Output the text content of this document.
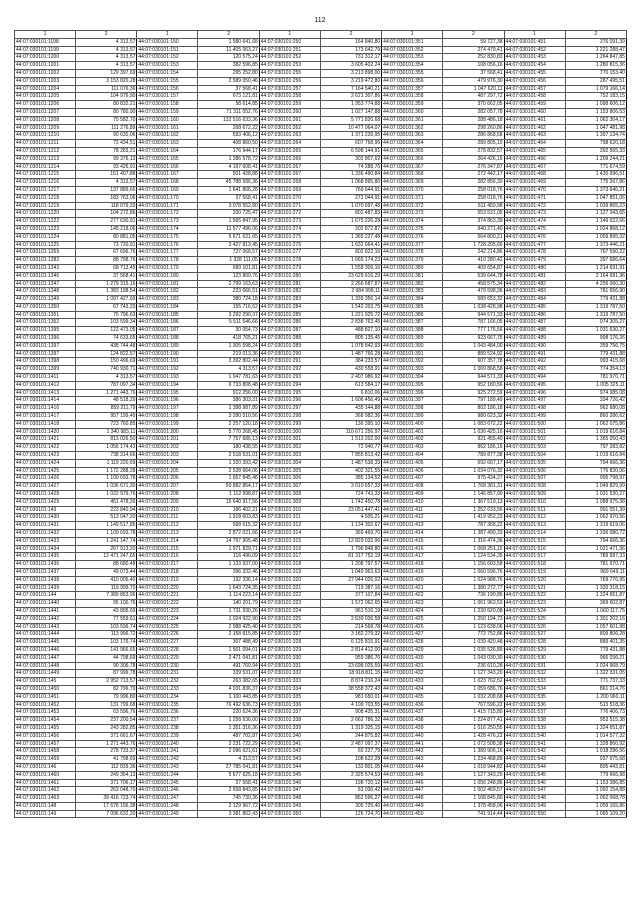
112
1	2	1	2	1	2	1	2	1	2
44:07:030101:1198	4 313,57	44:07:030101:150	1 580 641,68	44:07:030101:250	164 840,80	44:07:030101:351	59 727,38	44:07:030101:451	376 091,39
44:07:030101:1199	4 313,57	44:07:030101:151	11 405 063,27	44:07:030101:251	173 642,79	44:07:030101:352	274 479,41	44:07:030101:452	1 221 288,47
44:07:030101:1200	4 313,57	44:07:030101:152	120 575,24	44:07:030101:252	731 312,17	44:07:030101:353	252 830,83	44:07:030101:453	1 264 847,85
44:07:030101:1201	4 313,57	44:07:030101:153	382 596,85	44:07:030101:253	3 605 402,24	44:07:030101:354	108 056,16	44:07:030101:454	1 280 815,36
44:07:030101:1202	129 397,69	44:07:030101:154	295 252,80	44:07:030101:255	3 213 898,00	44:07:030101:355	37 568,41	44:07:030101:455	770 153,40
44:07:030101:1203	3 153 820,28	44:07:030101:155	2 589 050,46	44:07:030101:256	3 219 472,80	44:07:030101:356	479 976,30	44:07:030101:456	287 495,51
44:07:030101:1204	111 076,36	44:07:030101:156	37 568,41	44:07:030101:257	7 164 540,21	44:07:030101:357	1 047 620,11	44:07:030101:457	1 079 166,14
44:07:030101:1205	104 976,90	44:07:030101:157	673 121,81	44:07:030101:258	2 621 307,86	44:07:030101:358	487 297,72	44:07:030101:458	752 183,15
44:07:030101:1206	80 832,21	44:07:030101:158	58 614,85	44:07:030101:259	1 953 774,88	44:07:030101:359	370 662,05	44:07:030101:459	1 098 606,12
44:07:030101:1207	80 780,90	44:07:030101:159	71 311 052,76	44:07:030101:260	1 027 147,88	44:07:030101:360	282 057,78	44:07:030101:460	1 153 806,53
44:07:030101:1208	75 582,70	44:07:030101:160	132 516 633,36	44:07:030101:261	5 771 820,68	44:07:030101:361	288 486,18	44:07:030101:461	1 062 304,17
44:07:030101:1209	111 276,89	44:07:030101:161	268 672,22	44:07:030101:262	10 477 064,07	44:07:030101:362	298 260,86	44:07:030101:462	1 047 481,98
44:07:030101:1210	90 630,06	44:07:030101:162	593 406,12	44:07:030101:263	1 371 239,95	44:07:030101:363	286 868,58	44:07:030101:463	1 397 134,74
44:07:030101:1211	72 434,51	44:07:030101:163	408 860,50	44:07:030101:264	607 768,96	44:07:030101:364	289 805,10	44:07:030101:464	798 620,18
44:07:030101:1212	78 283,21	44:07:030101:164	176 944,17	44:07:030101:265	6 598 144,91	44:07:030101:365	278 832,57	44:07:030101:465	392 565,33
44:07:030101:1213	99 376,13	44:07:030101:165	1 286 578,72	44:07:030101:266	302 807,62	44:07:030101:366	264 426,16	44:07:030101:466	1 209 244,21
44:07:030101:1214	93 426,91	44:07:030101:166	4 197 608,41	44:07:030101:267	74 288,76	44:07:030101:367	276 347,87	44:07:030101:467	771 674,59
44:07:030101:1215	151 407,88	44:07:030101:167	501 428,88	44:07:030101:267	1 336 490,84	44:07:030101:368	272 442,17	44:07:030101:468	1 430 996,51
44:07:030101:1216	4 313,57	44:07:030101:168	45 788 586,36	44:07:030101:268	1 068 895,80	44:07:030101:369	282 856,30	44:07:030101:469	775 267,86
44:07:030101:1217	137 889,66	44:07:030101:169	1 641 866,28	44:07:030101:269	769 644,91	44:07:030101:370	258 018,76	44:07:030101:470	1 373 646,21
44:07:030101:1218	183 763,06	44:07:030101:170	37 568,41	44:07:030101:270	272 044,91	44:07:030101:371	258 018,76	44:07:030101:471	1 047 851,06
44:07:030101:1219	118 079,33	44:07:030101:171	3 078 552,80	44:07:030101:271	1 070 697,48	44:07:030101:372	611 450,98	44:07:030101:472	1 039 865,23
44:07:030101:1220	104 272,86	44:07:030101:172	330 725,47	44:07:030101:272	802 487,83	44:07:030101:373	553 531,05	44:07:030101:473	1 127 343,65
44:07:030101:1222	277 630,91	44:07:030101:173	1 565 847,95	44:07:030101:273	1 675 226,28	44:07:030101:374	374 863,39	44:07:030101:474	1 149 022,66
44:07:030101:1223	145 218,06	44:07:030101:174	11 577 496,06	44:07:030101:274	202 872,87	44:07:030101:375	940 271,40	44:07:030101:475	1 024 868,12
44:07:030101:1224	80 881,05	44:07:030101:175	5 671 621,65	44:07:030101:275	1 365 227,48	44:07:030101:376	564 800,21	44:07:030101:476	1 059 895,32
44:07:030101:1225	73 720,91	44:07:030101:176	3 427 813,45	44:07:030101:276	1 632 664,41	44:07:030101:377	1 728 205,66	44:07:030101:477	1 373 446,21
44:07:030101:1269	67 696,76	44:07:030101:177	727 068,57	44:07:030101:277	802 822,16	44:07:030101:378	242 214,86	44:07:030101:478	767 590,22
44:07:030101:1282	88 798,76	44:07:030101:178	1 328 111,05	44:07:030101:278	1 665 174,23	44:07:030101:379	410 280,42	44:07:030101:479	397 686,64
44:07:030101:1343	68 713,45	44:07:030101:179	689 101,81	44:07:030101:279	1 558 309,16	44:07:030101:380	409 654,87	44:07:030101:480	1 214 691,91
44:07:030101:1346	37 568,41	44:07:030101:180	123 809,76	44:07:030101:280	23 629 616,29	44:07:030101:381	539 644,78	44:07:030101:481	2 164 681,96
44:07:030101:1347	1 279 315,16	44:07:030101:181	2 799 163,63	44:07:030101:281	2 266 687,87	44:07:030101:382	458 575,34	44:07:030101:482	4 256 060,30
44:07:030101:1348	1 383 198,54	44:07:030101:182	223 066,51	44:07:030101:282	2 084 999,11	44:07:030101:383	479 598,36	44:07:030101:483	781 656,90
44:07:030101:1349	1 097 427,69	44:07:030101:183	380 724,18	44:07:030101:283	1 339 356,14	44:07:030101:384	589 653,32	44:07:030101:484	779 431,88
44:07:030101:1350	67 743,33	44:07:030101:184	155 716,52	44:07:030101:284	1 542 203,75	44:07:030101:385	1 038 428,98	44:07:030101:485	1 319 787,50
44:07:030101:1351	75 796,63	44:07:030101:185	3 292 290,37	44:07:030101:285	1 221 925,72	44:07:030101:386	944 571,33	44:07:030101:486	1 319 787,50
44:07:030101:1352	103 599,34	44:07:030101:186	5 511 546,66	44:07:030101:286	2 838 763,45	44:07:030101:387	787 166,05	44:07:030101:487	974 305,27
44:07:030101:1395	122 473,05	44:07:030101:187	30 054,73	44:07:030101:287	488 827,10	44:07:030101:388	777 176,56	44:07:030101:488	1 031 630,27
44:07:030101:1396	74 633,65	44:07:030101:188	418 765,21	44:07:030101:288	805 135,45	44:07:030101:389	923 667,75	44:07:030101:489	998 176,26
44:07:030101:1397	438 744,48	44:07:030101:189	1 305 598,24	44:07:030101:289	1 078 842,93	44:07:030101:390	1 043 484,00	44:07:030101:490	359 756,75
44:07:030101:1397	124 822,57	44:07:030101:190	219 013,36	44:07:030101:290	1 487 766,28	44:07:030101:391	889 524,92	44:07:030101:491	779 431,88
44:07:030101:1398	150 496,69	44:07:030101:191	3 392 802,44	44:07:030101:291	384 233,57	44:07:030101:392	607 357,78	44:07:030101:492	993 415,68
44:07:030101:1399	740 930,71	44:07:030101:192	4 313,57	44:07:030101:292	430 558,91	44:07:030101:393	1 069 868,58	44:07:030101:493	774 354,13
44:07:030101:1411	4 313,57	44:07:030101:193	1 047 781,63	44:07:030101:293	2 407 986,92	44:07:030101:394	944 571,33	44:07:030101:494	781 970,71
44:07:030101:1412	787 097,34	44:07:030101:194	6 733 808,48	44:07:030101:294	613 584,17	44:07:030101:395	952 180,56	44:07:030101:495	1 005 325,11
44:07:030101:1413	1 271 443,76	44:07:030101:195	912 256,00	44:07:030101:295	6 810,06	44:07:030101:396	925 272,59	44:07:030101:496	974 985,08
44:07:030101:1414	48 518,29	44:07:030101:196	386 303,31	44:07:030101:296	1 606 456,49	44:07:030101:397	797 189,49	44:07:030101:497	334 726,42
44:07:030101:1416	859 211,79	44:07:030101:197	1 398 987,89	44:07:030101:297	435 144,88	44:07:030101:398	802 186,18	44:07:030101:498	962 680,08
44:07:030101:1417	957 199,49	44:07:030101:198	3 280 510,56	44:07:030101:298	368 982,36	44:07:030101:399	980 623,32	44:07:030101:499	860 286,62
44:07:030101:1418	723 760,85	44:07:030101:199	2 257 120,18	44:07:030101:299	136 395,10	44:07:030101:400	1 083 672,22	44:07:030101:500	1 062 075,86
44:07:030101:1420	1 340 983,11	44:07:030101:200	5 770 268,45	44:07:030101:300	110 671 256,97	44:07:030101:401	1 036 425,16	44:07:030101:501	1 019 616,84
44:07:030101:1421	813 026,50	44:07:030101:201	7 757 686,13	44:07:030101:301	1 513 202,00	44:07:030101:402	921 455,40	44:07:030101:502	1 365 050,43
44:07:030101:1422	1 056 174,43	44:07:030101:202	180 438,55	44:07:030101:302	72 940,77	44:07:030101:403	862 186,16	44:07:030101:503	797 283,82
44:07:030101:1423	738 314,66	44:07:030101:203	2 518 531,01	44:07:030101:303	7 855 813,42	44:07:030101:404	789 877,38	44:07:030101:504	1 019 616,84
44:07:030101:1424	1 119 220,69	44:07:030101:204	1 320 393,42	44:07:030101:304	1 487 538,33	44:07:030101:405	692 667,17	44:07:030101:505	794 666,36
44:07:030101:1425	1 172 288,28	44:07:030101:205	2 528 664,06	44:07:030101:305	402 321,55	44:07:030101:406	1 034 076,32	44:07:030101:506	776 830,06
44:07:030101:1426	1 109 693,78	44:07:030101:206	1 657 845,48	44:07:030101:306	385 134,52	44:07:030101:407	975 434,27	44:07:030101:507	995 798,97
44:07:030101:1427	1 036 671,30	44:07:030101:207	50 882 864,17	44:07:030101:307	3 010 657,33	44:07:030101:408	1 768 381,31	44:07:030101:508	1 049 829,99
44:07:030101:1428	1 022 979,76	44:07:030101:208	1 112 998,87	44:07:030101:308	724 743,33	44:07:030101:409	1 146 857,90	44:07:030101:509	1 031 530,27
44:07:030101:1429	451 478,26	44:07:030101:209	15 640 917,56	44:07:030101:309	1 742 450,78	44:07:030101:410	1 367 519,13	44:07:030101:510	1 088 975,38
44:07:030101:143	223 840,94	44:07:030101:210	186 402,21	44:07:030101:310	23 051 447,41	44:07:030101:411	1 252 633,56	44:07:030101:511	991 051,39
44:07:030101:1430	513 047,20	44:07:030101:211	1 918 603,83	44:07:030101:311	4 505,21	44:07:030101:412	1 419 952,23	44:07:030101:512	1 062 970,56
44:07:030101:1431	1 149 517,85	44:07:030101:212	568 615,32	44:07:030101:312	1 134 302,67	44:07:030101:413	787 368,22	44:07:030101:513	1 319 619,06
44:07:030101:1432	1 109 693,78	44:07:030101:213	2 872 021,66	44:07:030101:314	369 469,70	44:07:030101:414	1 387 499,33	44:07:030101:514	1 336 080,72
44:07:030101:1433	1 241 147,74	44:07:030101:214	14 797 905,48	44:07:030101:315	12 829 032,96	44:07:030101:415	1 316 474,36	44:07:030101:515	794 666,36
44:07:030101:1434	267 913,20	44:07:030101:215	1 971 829,71	44:07:030101:316	1 796 848,80	44:07:030101:416	1 068 251,15	44:07:030101:516	1 021 471,96
44:07:030101:1435	12 471 247,65	44:07:030101:216	116 496,09	44:07:030101:317	81 317 752,19	44:07:030101:417	1 124 534,35	44:07:030101:517	789 587,33
44:07:030101:1436	88 680,48	44:07:030101:217	1 133 937,00	44:07:030101:318	1 208 797,57	44:07:030101:418	1 156 603,58	44:07:030101:518	781 970,71
44:07:030101:1437	49 073,44	44:07:030101:218	396 332,46	44:07:030101:319	1 049 963,63	44:07:030101:419	1 060 596,76	44:07:030101:519	969 649,11
44:07:030101:1438	410 005,40	44:07:030101:219	192 336,14	44:07:030101:320	27 944 026,02	44:07:030101:420	1 024 988,76	44:07:030101:520	769 776,95
44:07:030101:1439	119 999,70	44:07:030101:220	1 643 724,35	44:07:030101:321	719 387,16	44:07:030101:421	1 380 272,77	44:07:030101:521	1 320 318,15
44:07:030101:144	7 389 863,96	44:07:030101:221	1 114 223,14	44:07:030101:322	377 107,84	44:07:030101:422	736 190,86	44:07:030101:522	1 324 651,87
44:07:030101:1440	95 100,76	44:07:030101:222	140 201,79	44:07:030101:323	1 572 062,65	44:07:030101:423	1 061 963,53	44:07:030101:523	369 602,87
44:07:030101:1441	43 895,69	44:07:030101:223	1 731 930,26	44:07:030101:324	961 516,19	44:07:030101:424	1 230 520,08	44:07:030101:524	1 060 117,75
44:07:030101:1442	77 559,61	44:07:030101:224	1 024 922,90	44:07:030101:325	2 539 036,58	44:07:030101:425	1 250 194,73	44:07:030101:525	1 301 202,16
44:07:030101:1443	103 596,74	44:07:030101:225	2 088 425,40	44:07:030101:326	214 568,78	44:07:030101:426	1 123 638,06	44:07:030101:526	1 057 601,98
44:07:030101:1444	113 996,72	44:07:030101:226	2 158 815,85	44:07:030101:327	3 182 279,32	44:07:030101:427	772 752,86	44:07:030101:527	809 806,28
44:07:030101:1445	103 176,74	44:07:030101:227	307 488,49	44:07:030101:328	6 125 815,91	44:07:030101:428	1 039 420,48	44:07:030101:528	889 401,35
44:07:030101:1446	141 966,65	44:07:030101:228	1 501 094,01	44:07:030101:329	2 814 412,00	44:07:030101:429	1 035 526,89	44:07:030101:529	779 431,88
44:07:030101:1447	44 798,69	44:07:030101:229	2 471 041,81	44:07:030101:330	959 386,70	44:07:030101:430	1 043 030,30	44:07:030101:530	966 036,21
44:07:030101:1448	90 306,78	44:07:030101:230	491 760,94	44:07:030101:331	23 698 025,59	44:07:030101:431	236 610,28	44:07:030101:531	1 024 968,79
44:07:030101:1449	87 999,78	44:07:030101:231	339 531,07	44:07:030101:332	18 918 811,15	44:07:030101:432	1 127 343,20	44:07:030101:532	1 322 331,05
44:07:030101:145	2 952 713,57	44:07:030101:232	263 382,65	44:07:030101:333	8 874 216,24	44:07:030101:433	1 023 762,52	44:07:030101:533	771 737,33
44:07:030101:1450	82 796,79	44:07:030101:233	4 031 836,37	44:07:030101:334	38 558 372,43	44:07:030101:434	1 059 686,76	44:07:030101:534	861 214,76
44:07:030101:1451	79 996,80	44:07:030101:234	1 100 443,85	44:07:030101:335	981 650,01	44:07:030101:435	1 032 208,68	44:07:030101:535	1 200 960,11
44:07:030101:1452	131 799,68	44:07:030101:235	76 492 636,73	44:07:030101:336	4 109 703,55	44:07:030101:436	767 596,22	44:07:030101:536	513 518,36
44:07:030101:1453	63 596,76	44:07:030101:236	220 624,36	44:07:030101:337	908 435,31	44:07:030101:437	1 415 715,80	44:07:030101:537	776 406,73
44:07:030101:1454	237 200,54	44:07:030101:237	1 258 636,00	44:07:030101:338	2 662 786,32	44:07:030101:438	1 224 877,41	44:07:030101:538	953 515,38
44:07:030101:1455	243 282,85	44:07:030101:238	1 351 316,36	44:07:030101:339	1 319 325,15	44:07:030101:439	1 016 250,55	44:07:030101:539	1 324 651,87
44:07:030101:1456	371 661,67	44:07:030101:239	487 702,87	44:07:030101:340	244 875,82	44:07:030101:440	1 428 476,22	44:07:030101:540	1 014 577,32
44:07:030101:1457	1 271 443,76	44:07:030101:240	2 231 722,29	44:07:030101:341	2 487 097,37	44:07:030101:441	1 072 508,38	44:07:030101:541	1 328 860,92
44:07:030101:1458	278 733,37	44:07:030101:241	2 096 621,61	44:07:030101:342	60 227,79	44:07:030101:442	1 389 906,16	44:07:030101:542	1 018 286,56
44:07:030101:1459	41 798,69	44:07:030101:242	4 313,57	44:07:030101:343	108 622,28	44:07:030101:443	1 234 468,89	44:07:030101:543	937 075,68
44:07:030101:146	112 839,36	44:07:030101:243	27 785 041,81	44:07:030101:344	132 801,05	44:07:030101:444	1 018 944,82	44:07:030101:544	805 443,81
44:07:030101:1460	249 364,13	44:07:030101:244	5 677 625,18	44:07:030101:345	2 325 574,53	44:07:030101:445	1 127 343,20	44:07:030101:545	779 666,98
44:07:030101:1461	371 706,17	44:07:030101:245	37 568,41	44:07:030101:346	198 720,12	44:07:030101:446	1 056 248,86	44:07:030101:546	1 153 386,85
44:07:030101:1462	263 048,70	44:07:030101:246	2 658 843,85	44:07:030101:347	63 030,42	44:07:030101:447	1 002 469,57	44:07:030101:547	1 092 154,88
44:07:030101:1463	39 416 723,74	44:07:030101:247	745 730,36	44:07:030101:348	862 596,27	44:07:030101:448	1 168 845,80	44:07:030101:548	1 062 068,78
44:07:030101:148	17 678 156,38	44:07:030101:248	2 129 967,72	44:07:030101:349	305 725,40	44:07:030101:449	1 378 458,06	44:07:030101:549	1 059 165,86
44:07:030101:149	7 096 632,20	44:07:030101:249	3 381 862,43	44:07:030101:350	126 724,70	44:07:030101:450	741 914,44	44:07:030101:550	1 065 109,20
